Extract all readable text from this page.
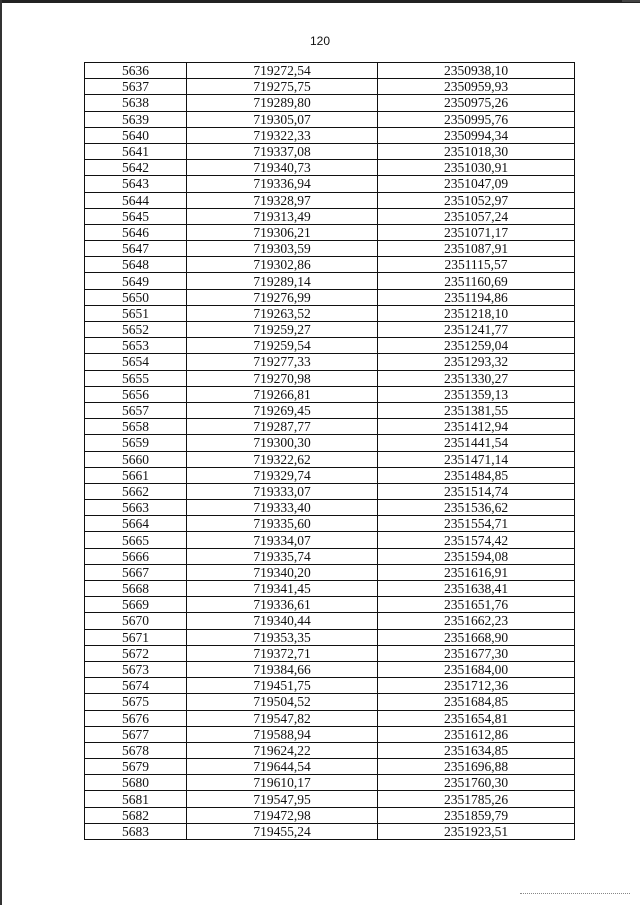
120
5636	719272,54	2350938,10
5637	719275,75	2350959,93
5638	719289,80	2350975,26
5639	719305,07	2350995,76
5640	719322,33	2350994,34
5641	719337,08	2351018,30
5642	719340,73	2351030,91
5643	719336,94	2351047,09
5644	719328,97	2351052,97
5645	719313,49	2351057,24
5646	719306,21	2351071,17
5647	719303,59	2351087,91
5648	719302,86	2351115,57
5649	719289,14	2351160,69
5650	719276,99	2351194,86
5651	719263,52	2351218,10
5652	719259,27	2351241,77
5653	719259,54	2351259,04
5654	719277,33	2351293,32
5655	719270,98	2351330,27
5656	719266,81	2351359,13
5657	719269,45	2351381,55
5658	719287,77	2351412,94
5659	719300,30	2351441,54
5660	719322,62	2351471,14
5661	719329,74	2351484,85
5662	719333,07	2351514,74
5663	719333,40	2351536,62
5664	719335,60	2351554,71
5665	719334,07	2351574,42
5666	719335,74	2351594,08
5667	719340,20	2351616,91
5668	719341,45	2351638,41
5669	719336,61	2351651,76
5670	719340,44	2351662,23
5671	719353,35	2351668,90
5672	719372,71	2351677,30
5673	719384,66	2351684,00
5674	719451,75	2351712,36
5675	719504,52	2351684,85
5676	719547,82	2351654,81
5677	719588,94	2351612,86
5678	719624,22	2351634,85
5679	719644,54	2351696,88
5680	719610,17	2351760,30
5681	719547,95	2351785,26
5682	719472,98	2351859,79
5683	719455,24	2351923,51
